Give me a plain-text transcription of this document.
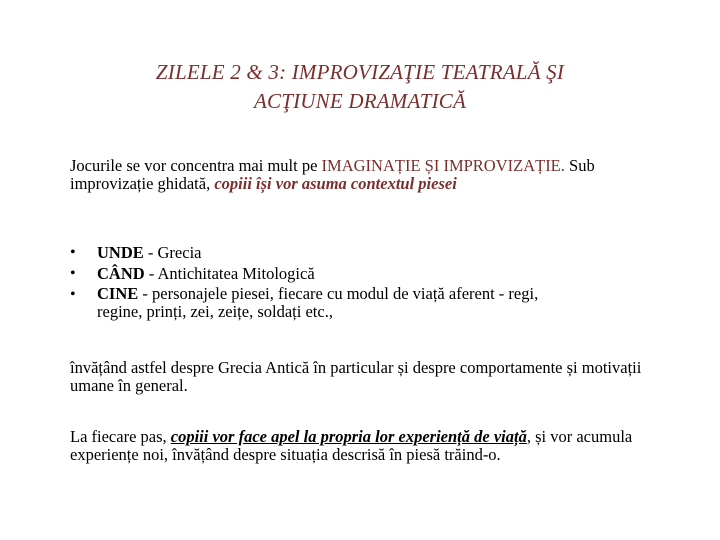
ZILELE 2 & 3: IMPROVIZAŢIE TEATRALĂ ŞI
ACŢIUNE DRAMATICĂ
Jocurile se vor concentra mai mult pe IMAGINAȚIE ȘI IMPROVIZAȚIE. Sub improvizație ghidată, copiii își vor asuma contextul piesei
• UNDE - Grecia
• CÂND - Antichitatea Mitologică
• CINE - personajele piesei, fiecare cu modul de viață aferent - regi,
regine, prinți, zei, zeițe, soldați etc.,
învățând astfel despre Grecia Antică în particular și despre comportamente și motivații umane în general.
La fiecare pas, copiii vor face apel la propria lor experiență de viață, și vor acumula experiențe noi, învățând despre situația descrisă în piesă trăind-o.
